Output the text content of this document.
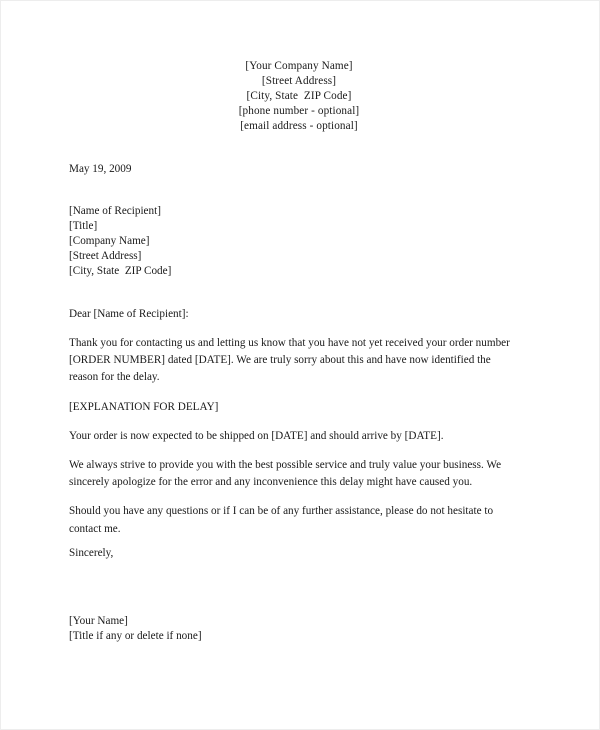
[Your Company Name]
[Street Address]
[City, State  ZIP Code]
[phone number - optional]
[email address - optional]
May 19, 2009
[Name of Recipient]
[Title]
[Company Name]
[Street Address]
[City, State  ZIP Code]
Dear [Name of Recipient]:

Thank you for contacting us and letting us know that you have not yet received your order number [ORDER NUMBER] dated [DATE]. We are truly sorry about this and have now identified the reason for the delay.

[EXPLANATION FOR DELAY]

Your order is now expected to be shipped on [DATE] and should arrive by [DATE].

We always strive to provide you with the best possible service and truly value your business. We sincerely apologize for the error and any inconvenience this delay might have caused you.

Should you have any questions or if I can be of any further assistance, please do not hesitate to contact me.

Sincerely,
[Your Name]
[Title if any or delete if none]
